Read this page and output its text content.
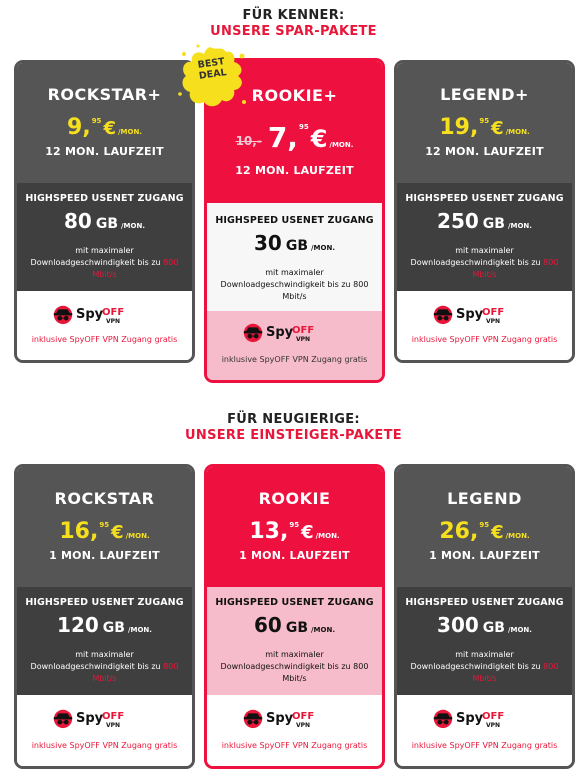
FÜR KENNER:
UNSERE SPAR-PAKETE
BEST
DEAL
ROCKSTAR+
9,95 € /MON.
12 MON. LAUFZEIT
HIGHSPEED USENET ZUGANG
80 GB /MON.
mit maximaler
Downloadgeschwindigkeit bis zu 800
Mbit/s
Spy
OFF
VPN
inklusive SpyOFF VPN Zugang gratis
ROOKIE+
10,- 7,95€ /MON.
12 MON. LAUFZEIT
HIGHSPEED USENET ZUGANG
30 GB /MON.
mit maximaler
Downloadgeschwindigkeit bis zu 800
Mbit/s
Spy
OFF
VPN
inklusive SpyOFF VPN Zugang gratis
LEGEND+
19,95 € /MON.
12 MON. LAUFZEIT
HIGHSPEED USENET ZUGANG
250 GB /MON.
mit maximaler
Downloadgeschwindigkeit bis zu 800
Mbit/s
Spy
OFF
VPN
inklusive SpyOFF VPN Zugang gratis
FÜR NEUGIERIGE:
UNSERE EINSTEIGER-PAKETE
ROCKSTAR
16,95 € /MON.
1 MON. LAUFZEIT
HIGHSPEED USENET ZUGANG
120 GB /MON.
mit maximaler
Downloadgeschwindigkeit bis zu 800
Mbit/s
Spy
OFF
VPN
inklusive SpyOFF VPN Zugang gratis
ROOKIE
13,95 € /MON.
1 MON. LAUFZEIT
HIGHSPEED USENET ZUGANG
60 GB /MON.
mit maximaler
Downloadgeschwindigkeit bis zu 800
Mbit/s
Spy
OFF
VPN
inklusive SpyOFF VPN Zugang gratis
LEGEND
26,95 € /MON.
1 MON. LAUFZEIT
HIGHSPEED USENET ZUGANG
300 GB /MON.
mit maximaler
Downloadgeschwindigkeit bis zu 800
Mbit/s
Spy
OFF
VPN
inklusive SpyOFF VPN Zugang gratis
